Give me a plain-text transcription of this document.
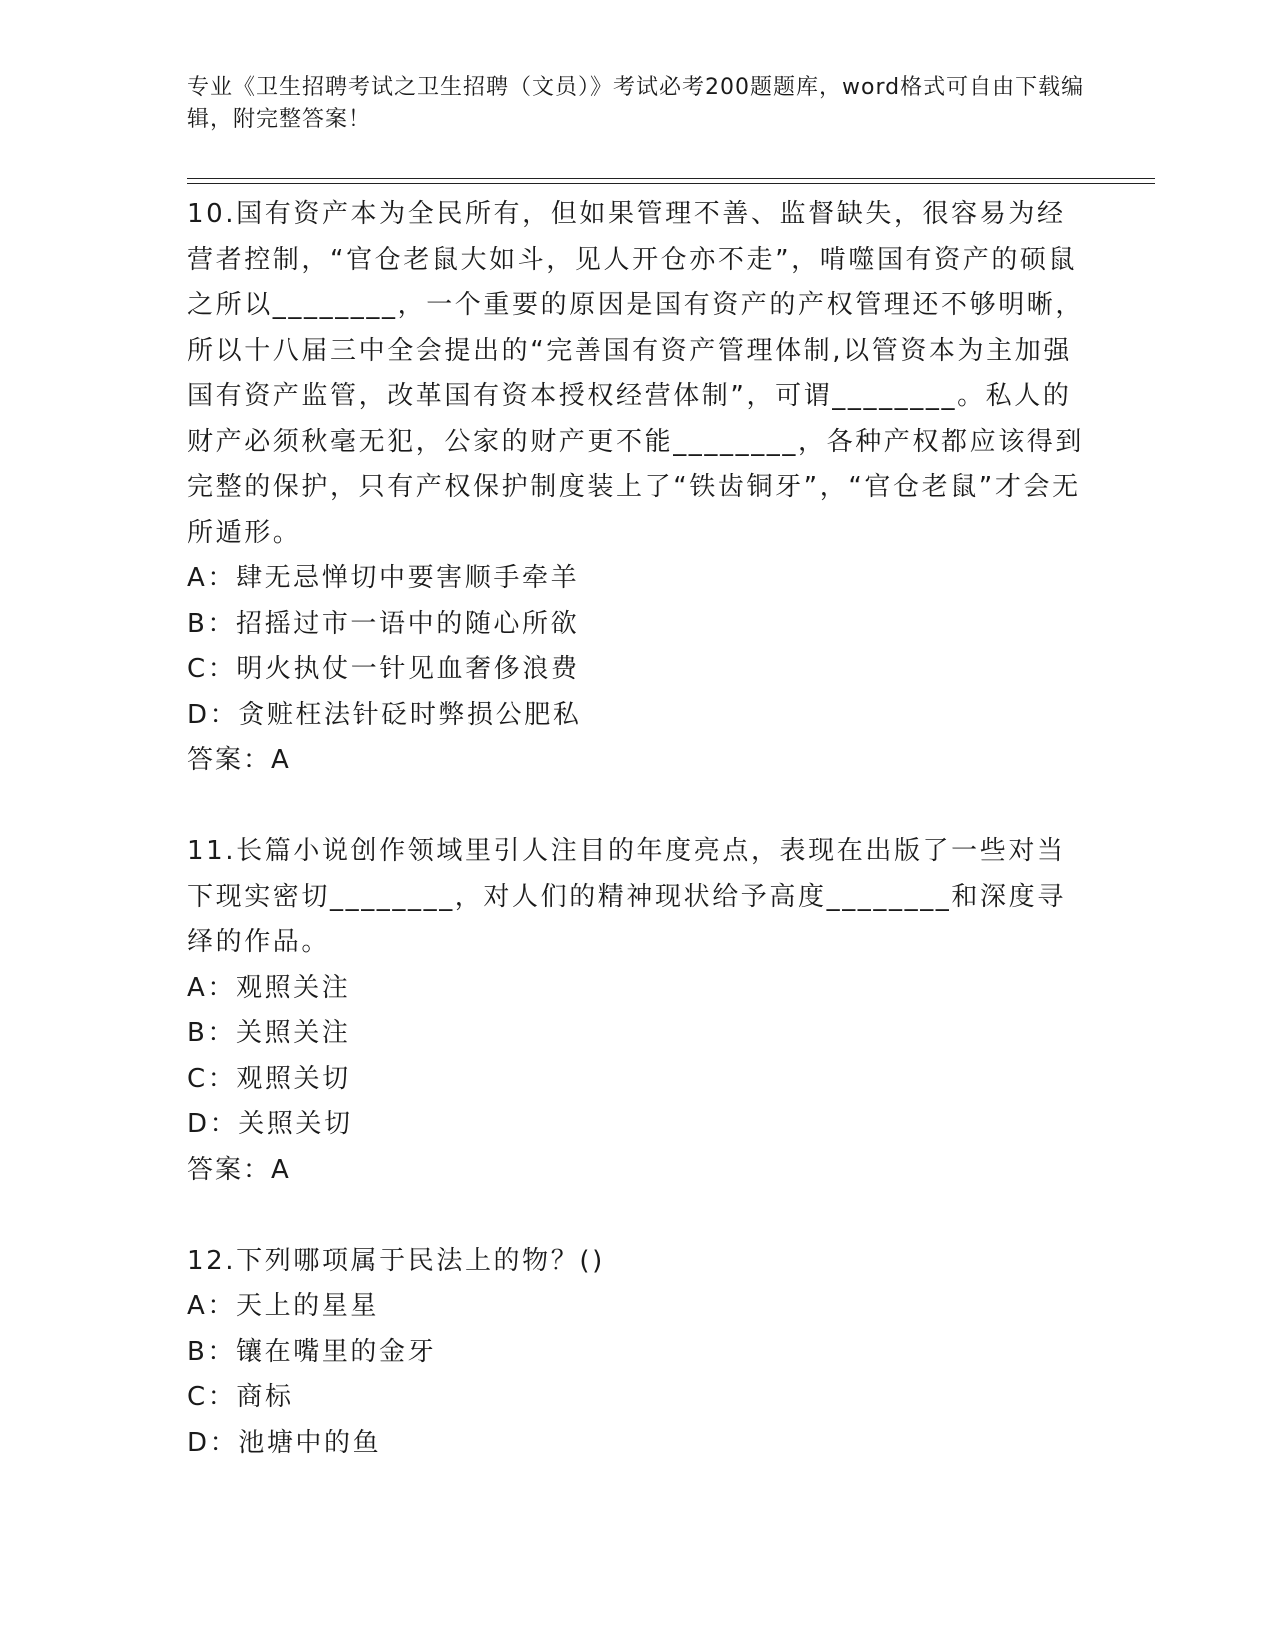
专业《卫生招聘考试之卫生招聘（文员）》考试必考200题题库，word格式可自由下载编辑，附完整答案！

10.国有资产本为全民所有，但如果管理不善、监督缺失，很容易为经营者控制，“官仓老鼠大如斗，见人开仓亦不走”，啃噬国有资产的硕鼠之所以________，一个重要的原因是国有资产的产权管理还不够明晰，所以十八届三中全会提出的“完善国有资产管理体制,以管资本为主加强国有资产监管，改革国有资本授权经营体制”，可谓________。私人的财产必须秋毫无犯，公家的财产更不能________，各种产权都应该得到完整的保护，只有产权保护制度装上了“铁齿铜牙”，“官仓老鼠”才会无所遁形。

A：肆无忌惮切中要害顺手牵羊

B：招摇过市一语中的随心所欲

C：明火执仗一针见血奢侈浪费

D：贪赃枉法针砭时弊损公肥私

答案：A

11.长篇小说创作领域里引人注目的年度亮点，表现在出版了一些对当下现实密切________，对人们的精神现状给予高度________和深度寻绎的作品。

A：观照关注

B：关照关注

C：观照关切

D：关照关切

答案：A

12.下列哪项属于民法上的物？()

A：天上的星星

B：镶在嘴里的金牙

C：商标

D：池塘中的鱼
